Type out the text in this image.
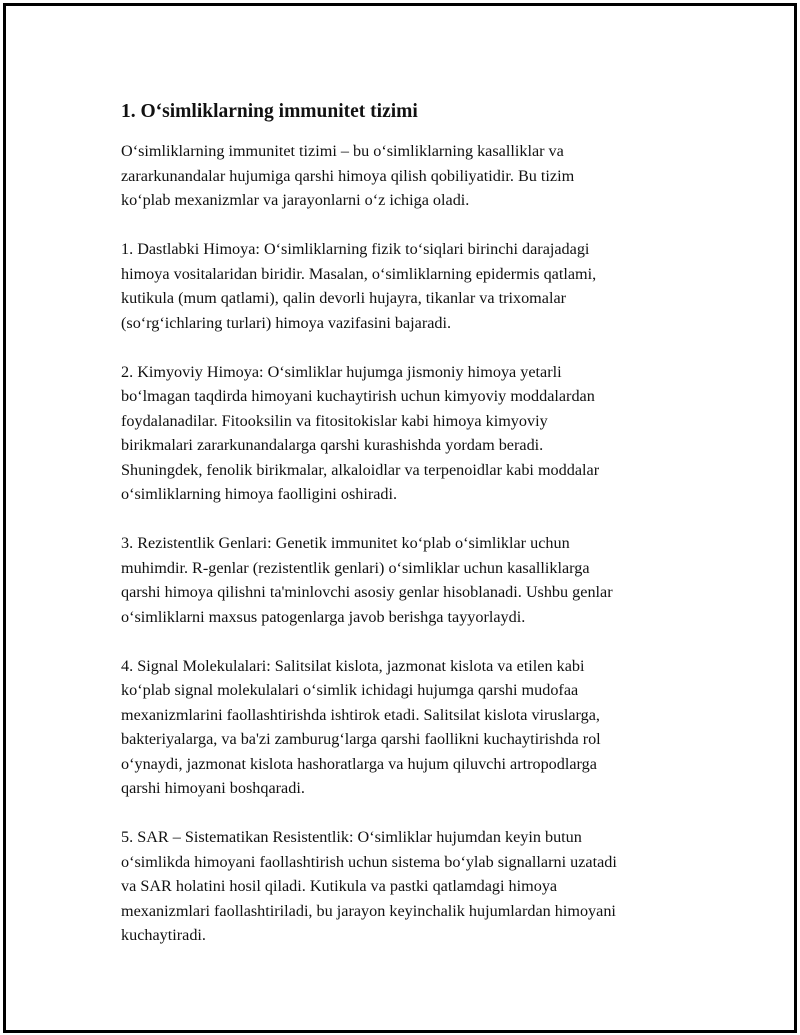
1. O‘simliklarning immunitet tizimi

O‘simliklarning immunitet tizimi – bu o‘simliklarning kasalliklar va
zararkunandalar hujumiga qarshi himoya qilish qobiliyatidir. Bu tizim
ko‘plab mexanizmlar va jarayonlarni o‘z ichiga oladi.

1. Dastlabki Himoya: O‘simliklarning fizik to‘siqlari birinchi darajadagi
himoya vositalaridan biridir. Masalan, o‘simliklarning epidermis qatlami,
kutikula (mum qatlami), qalin devorli hujayra, tikanlar va trixomalar
(so‘rg‘ichlaring turlari) himoya vazifasini bajaradi.

2. Kimyoviy Himoya: O‘simliklar hujumga jismoniy himoya yetarli
bo‘lmagan taqdirda himoyani kuchaytirish uchun kimyoviy moddalardan
foydalanadilar. Fitooksilin va fitositokislar kabi himoya kimyoviy
birikmalari zararkunandalarga qarshi kurashishda yordam beradi.
Shuningdek, fenolik birikmalar, alkaloidlar va terpenoidlar kabi moddalar
o‘simliklarning himoya faolligini oshiradi.

3. Rezistentlik Genlari: Genetik immunitet ko‘plab o‘simliklar uchun
muhimdir. R-genlar (rezistentlik genlari) o‘simliklar uchun kasalliklarga
qarshi himoya qilishni ta'minlovchi asosiy genlar hisoblanadi. Ushbu genlar
o‘simliklarni maxsus patogenlarga javob berishga tayyorlaydi.

4. Signal Molekulalari: Salitsilat kislota, jazmonat kislota va etilen kabi
ko‘plab signal molekulalari o‘simlik ichidagi hujumga qarshi mudofaa
mexanizmlarini faollashtirishda ishtirok etadi. Salitsilat kislota viruslarga,
bakteriyalarga, va ba'zi zamburug‘larga qarshi faollikni kuchaytirishda rol
o‘ynaydi, jazmonat kislota hashoratlarga va hujum qiluvchi artropodlarga
qarshi himoyani boshqaradi.

5. SAR – Sistematikan Resistentlik: O‘simliklar hujumdan keyin butun
o‘simlikda himoyani faollashtirish uchun sistema bo‘ylab signallarni uzatadi
va SAR holatini hosil qiladi. Kutikula va pastki qatlamdagi himoya
mexanizmlari faollashtiriladi, bu jarayon keyinchalik hujumlardan himoyani
kuchaytiradi.
